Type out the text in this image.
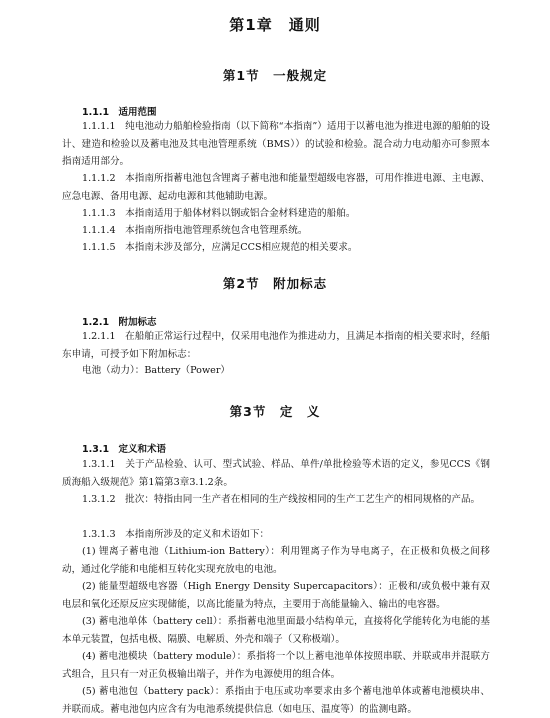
第1章　通则
第1节　一般规定
1.1.1　适用范围
1.1.1.1　纯电池动力船舶检验指南（以下简称“本指南”）适用于以蓄电池为推进电源的船舶的设计、建造和检验以及蓄电池及其电池管理系统（BMS））的试验和检验。混合动力电动船亦可参照本指南适用部分。
1.1.1.2　本指南所指蓄电池包含锂离子蓄电池和能量型超级电容器，可用作推进电源、主电源、应急电源、备用电源、起动电源和其他辅助电源。
1.1.1.3　本指南适用于船体材料以钢或铝合金材料建造的船舶。
1.1.1.4　本指南所指电池管理系统包含电管理系统。
1.1.1.5　本指南未涉及部分，应满足CCS相应规范的相关要求。
第2节　附加标志
1.2.1　附加标志
1.2.1.1　在船舶正常运行过程中，仅采用电池作为推进动力，且满足本指南的相关要求时，经船东申请，可授予如下附加标志：
电池（动力）：Battery（Power）
第3节　定　义
1.3.1　定义和术语
1.3.1.1　关于产品检验、认可、型式试验、样品、单件/单批检验等术语的定义，参见CCS《钢质海船入级规范》第1篇第3章3.1.2条。
1.3.1.2　批次：特指由同一生产者在相同的生产线按相同的生产工艺生产的相同规格的产品。
1.3.1.3　本指南所涉及的定义和术语如下：
(1) 锂离子蓄电池（Lithium-ion Battery）：利用锂离子作为导电离子，在正极和负极之间移动，通过化学能和电能相互转化实现充放电的电池。
(2) 能量型超级电容器（High Energy Density Supercapacitors）：正极和/或负极中兼有双电层和氧化还原反应实现储能，以高比能量为特点，主要用于高能量输入、输出的电容器。
(3) 蓄电池单体（battery cell）：系指蓄电池里面最小结构单元，直接将化学能转化为电能的基本单元装置，包括电极、隔膜、电解质、外壳和端子（又称极端）。
(4) 蓄电池模块（battery module）：系指将一个以上蓄电池单体按照串联、并联或串并混联方式组合，且只有一对正负极输出端子，并作为电源使用的组合体。
(5) 蓄电池包（battery pack）：系指由于电压或功率要求由多个蓄电池单体或蓄电池模块串、并联而成。蓄电池包内应含有为电池系统提供信息（如电压、温度等）的监测电路。
